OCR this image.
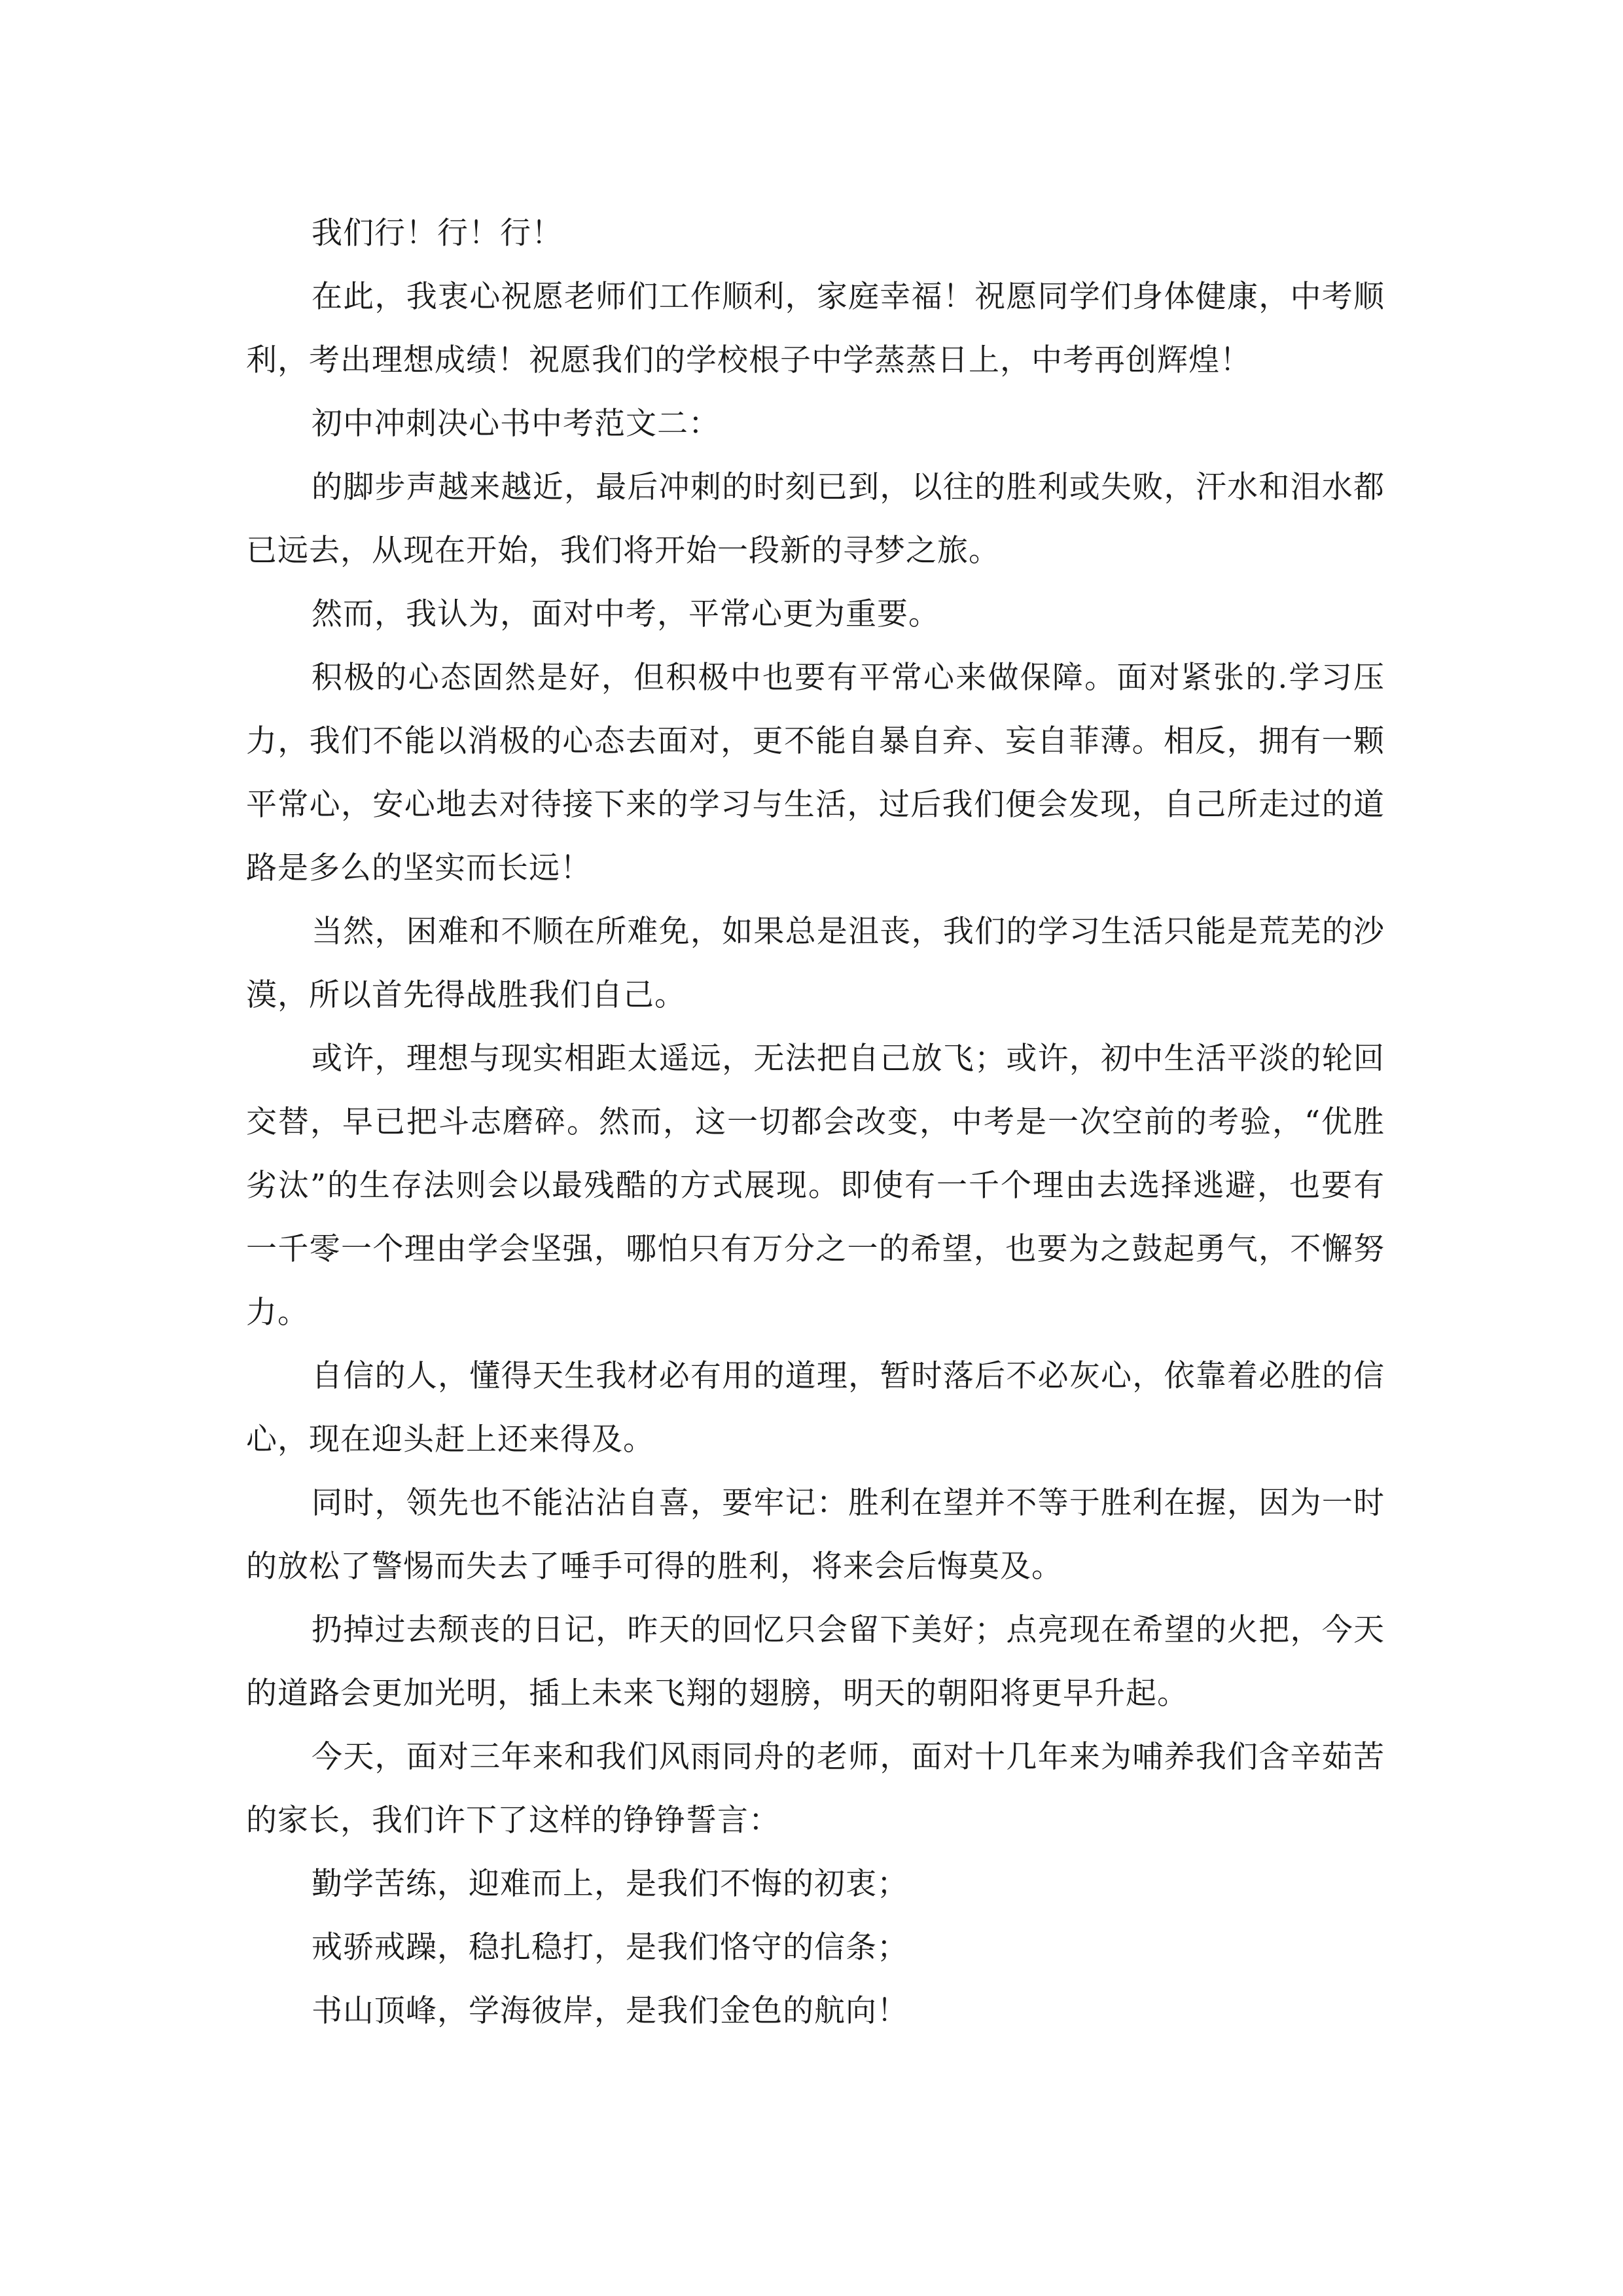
我们行！行！行！

在此，我衷心祝愿老师们工作顺利，家庭幸福！祝愿同学们身体健康，中考顺利，考出理想成绩！祝愿我们的学校根子中学蒸蒸日上，中考再创辉煌！

初中冲刺决心书中考范文二：

的脚步声越来越近，最后冲刺的时刻已到，以往的胜利或失败，汗水和泪水都已远去，从现在开始，我们将开始一段新的寻梦之旅。

然而，我认为，面对中考，平常心更为重要。

积极的心态固然是好，但积极中也要有平常心来做保障。面对紧张的.学习压力，我们不能以消极的心态去面对，更不能自暴自弃、妄自菲薄。相反，拥有一颗平常心，安心地去对待接下来的学习与生活，过后我们便会发现，自己所走过的道路是多么的坚实而长远！

当然，困难和不顺在所难免，如果总是沮丧，我们的学习生活只能是荒芜的沙漠，所以首先得战胜我们自己。

或许，理想与现实相距太遥远，无法把自己放飞；或许，初中生活平淡的轮回交替，早已把斗志磨碎。然而，这一切都会改变，中考是一次空前的考验，“优胜劣汰”的生存法则会以最残酷的方式展现。即使有一千个理由去选择逃避，也要有一千零一个理由学会坚强，哪怕只有万分之一的希望，也要为之鼓起勇气，不懈努力。

自信的人，懂得天生我材必有用的道理，暂时落后不必灰心，依靠着必胜的信心，现在迎头赶上还来得及。

同时，领先也不能沾沾自喜，要牢记：胜利在望并不等于胜利在握，因为一时的放松了警惕而失去了唾手可得的胜利，将来会后悔莫及。

扔掉过去颓丧的日记，昨天的回忆只会留下美好；点亮现在希望的火把，今天的道路会更加光明，插上未来飞翔的翅膀，明天的朝阳将更早升起。

今天，面对三年来和我们风雨同舟的老师，面对十几年来为哺养我们含辛茹苦的家长，我们许下了这样的铮铮誓言：

勤学苦练，迎难而上，是我们不悔的初衷；

戒骄戒躁，稳扎稳打，是我们恪守的信条；

书山顶峰，学海彼岸，是我们金色的航向！
